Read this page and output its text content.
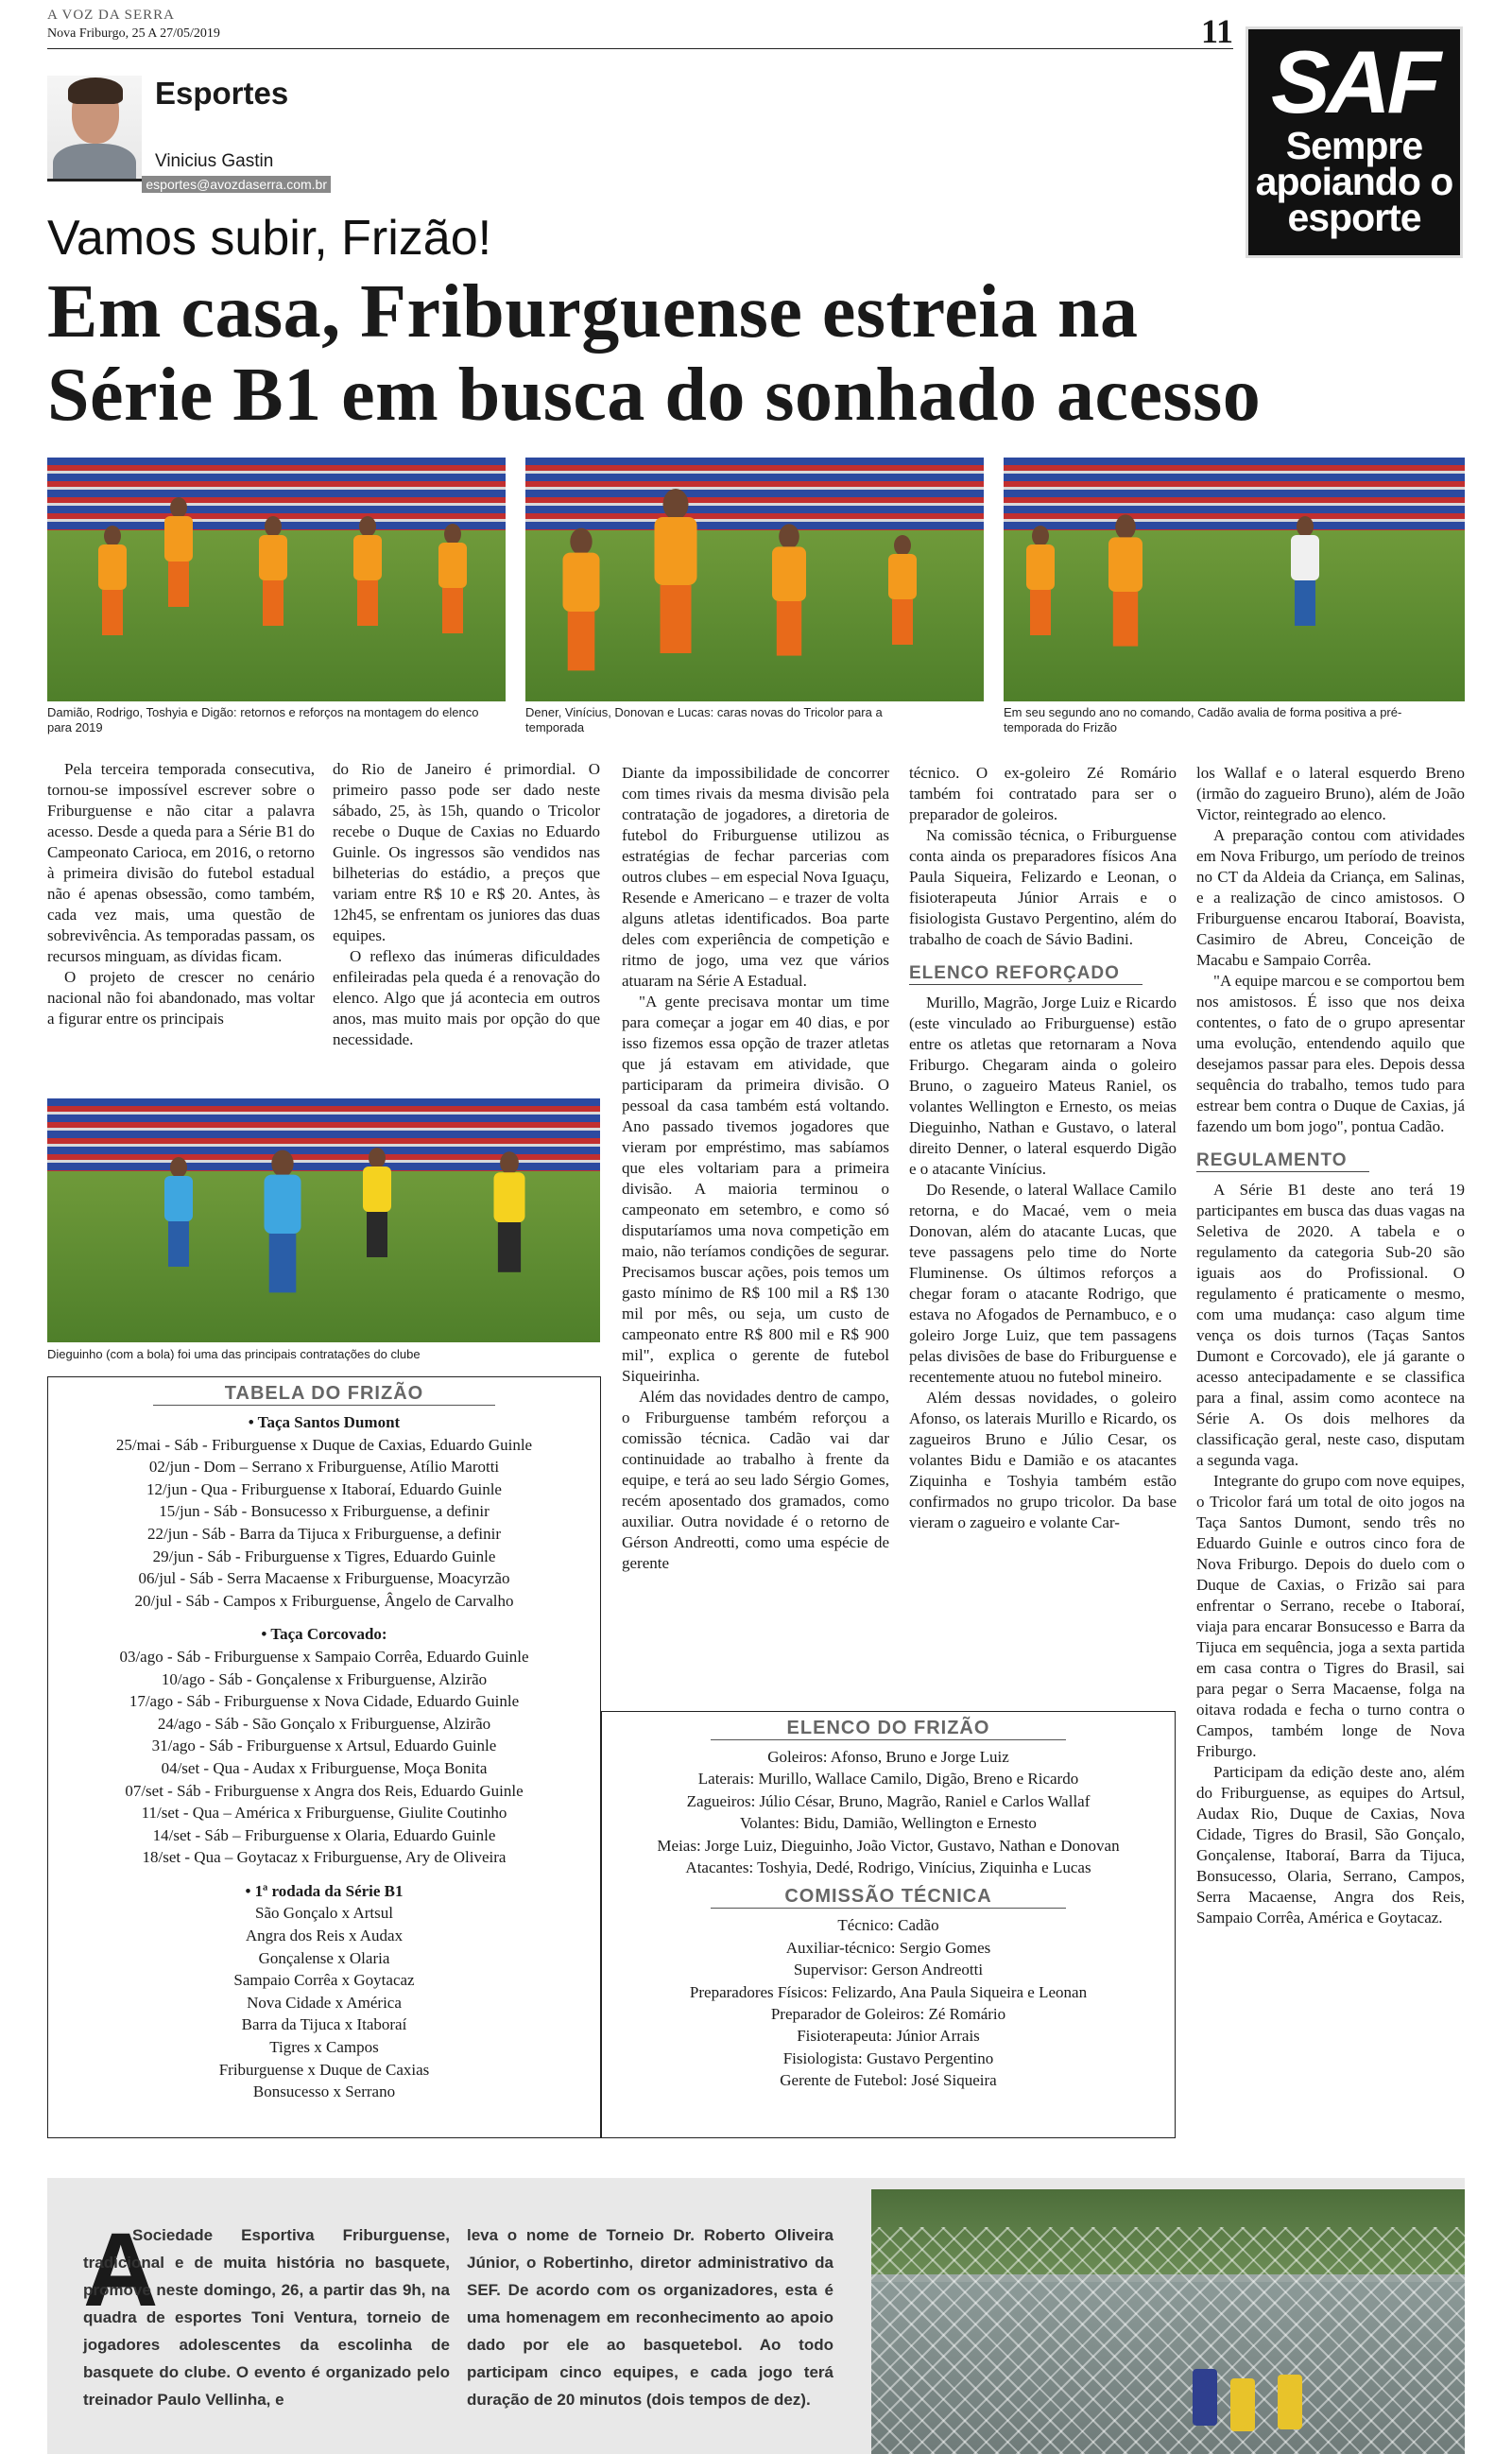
A VOZ DA SERRA
Nova Friburgo, 25 A 27/05/2019	11
SAF
Sempre
apoiando o
esporte
Esportes
Vinicius Gastin
esportes@avozdaserra.com.br
Vamos subir, Frizão!
Em casa, Friburguense estreia na
Série B1 em busca do sonhado acesso
Damião, Rodrigo, Toshyia e Digão: retornos e reforços na montagem do elenco para 2019
Dener, Vinícius, Donovan e Lucas: caras novas do Tricolor para a temporada
Em seu segundo ano no comando, Cadão avalia de forma positiva a pré-temporada do Frizão

Pela terceira temporada consecutiva, tornou-se impossível escrever sobre o Friburguense e não citar a palavra acesso. Desde a queda para a Série B1 do Campeonato Carioca, em 2016, o retorno à primeira divisão do futebol estadual não é apenas obsessão, como também, cada vez mais, uma questão de sobrevivência. As temporadas passam, os recursos minguam, as dívidas ficam.

O projeto de crescer no cenário nacional não foi abandonado, mas voltar a figurar entre os principais

do Rio de Janeiro é primordial. O primeiro passo pode ser dado neste sábado, 25, às 15h, quando o Tricolor recebe o Duque de Caxias no Eduardo Guinle. Os ingressos são vendidos nas bilheterias do estádio, a preços que variam entre R$ 10 e R$ 20. Antes, às 12h45, se enfrentam os juniores das duas equipes.

O reflexo das inúmeras dificuldades enfileiradas pela queda é a renovação do elenco. Algo que já acontecia em outros anos, mas muito mais por opção do que necessidade.

Dieguinho (com a bola) foi uma das principais contratações do clube

Diante da impossibilidade de concorrer com times rivais da mesma divisão pela contratação de jogadores, a diretoria de futebol do Friburguense utilizou as estratégias de fechar parcerias com outros clubes – em especial Nova Iguaçu, Resende e Americano – e trazer de volta alguns atletas identificados. Boa parte deles com experiência de competição e ritmo de jogo, uma vez que vários atuaram na Série A Estadual.

"A gente precisava montar um time para começar a jogar em 40 dias, e por isso fizemos essa opção de trazer atletas que já estavam em atividade, que participaram da primeira divisão. O pessoal da casa também está voltando. Ano passado tivemos jogadores que vieram por empréstimo, mas sabíamos que eles voltariam para a primeira divisão. A maioria terminou o campeonato em setembro, e como só disputaríamos uma nova competição em maio, não teríamos condições de segurar. Precisamos buscar ações, pois temos um gasto mínimo de R$ 100 mil a R$ 130 mil por mês, ou seja, um custo de campeonato entre R$ 800 mil e R$ 900 mil", explica o gerente de futebol Siqueirinha.

Além das novidades dentro de campo, o Friburguense também reforçou a comissão técnica. Cadão vai dar continuidade ao trabalho à frente da equipe, e terá ao seu lado Sérgio Gomes, recém aposentado dos gramados, como auxiliar. Outra novidade é o retorno de Gérson Andreotti, como uma espécie de gerente

técnico. O ex-goleiro Zé Romário também foi contratado para ser o preparador de goleiros.

Na comissão técnica, o Friburguense conta ainda os preparadores físicos Ana Paula Siqueira, Felizardo e Leonan, o fisioterapeuta Júnior Arrais e o fisiologista Gustavo Pergentino, além do trabalho de coach de Sávio Badini.

ELENCO REFORÇADO

Murillo, Magrão, Jorge Luiz e Ricardo (este vinculado ao Friburguense) estão entre os atletas que retornaram a Nova Friburgo. Chegaram ainda o goleiro Bruno, o zagueiro Mateus Raniel, os volantes Wellington e Ernesto, os meias Dieguinho, Nathan e Gustavo, o lateral direito Denner, o lateral esquerdo Digão e o atacante Vinícius.

Do Resende, o lateral Wallace Camilo retorna, e do Macaé, vem o meia Donovan, além do atacante Lucas, que teve passagens pelo time do Norte Fluminense. Os últimos reforços a chegar foram o atacante Rodrigo, que estava no Afogados de Pernambuco, e o goleiro Jorge Luiz, que tem passagens pelas divisões de base do Friburguense e recentemente atuou no futebol mineiro.

Além dessas novidades, o goleiro Afonso, os laterais Murillo e Ricardo, os zagueiros Bruno e Júlio Cesar, os volantes Bidu e Damião e os atacantes Ziquinha e Toshyia também estão confirmados no grupo tricolor. Da base vieram o zagueiro e volante Car-

los Wallaf e o lateral esquerdo Breno (irmão do zagueiro Bruno), além de João Victor, reintegrado ao elenco.

A preparação contou com atividades em Nova Friburgo, um período de treinos no CT da Aldeia da Criança, em Salinas, e a realização de cinco amistosos. O Friburguense encarou Itaboraí, Boavista, Casimiro de Abreu, Conceição de Macabu e Sampaio Corrêa.

"A equipe marcou e se comportou bem nos amistosos. É isso que nos deixa contentes, o fato de o grupo apresentar uma evolução, entendendo aquilo que desejamos passar para eles. Depois dessa sequência do trabalho, temos tudo para estrear bem contra o Duque de Caxias, já fazendo um bom jogo", pontua Cadão.

REGULAMENTO

A Série B1 deste ano terá 19 participantes em busca das duas vagas na Seletiva de 2020. A tabela e o regulamento da categoria Sub-20 são iguais aos do Profissional. O regulamento é praticamente o mesmo, com uma mudança: caso algum time vença os dois turnos (Taças Santos Dumont e Corcovado), ele já garante o acesso antecipadamente e se classifica para a final, assim como acontece na Série A. Os dois melhores da classificação geral, neste caso, disputam a segunda vaga.

Integrante do grupo com nove equipes, o Tricolor fará um total de oito jogos na Taça Santos Dumont, sendo três no Eduardo Guinle e outros cinco fora de Nova Friburgo. Depois do duelo com o Duque de Caxias, o Frizão sai para enfrentar o Serrano, recebe o Itaboraí, viaja para encarar Bonsucesso e Barra da Tijuca em sequência, joga a sexta partida em casa contra o Tigres do Brasil, sai para pegar o Serra Macaense, folga na oitava rodada e fecha o turno contra o Campos, também longe de Nova Friburgo.

Participam da edição deste ano, além do Friburguense, as equipes do Artsul, Audax Rio, Duque de Caxias, Nova Cidade, Tigres do Brasil, São Gonçalo, Gonçalense, Itaboraí, Barra da Tijuca, Bonsucesso, Olaria, Serrano, Campos, Serra Macaense, Angra dos Reis, Sampaio Corrêa, América e Goytacaz.

TABELA DO FRIZÃO
• Taça Santos Dumont
25/mai - Sáb - Friburguense x Duque de Caxias, Eduardo Guinle
02/jun - Dom – Serrano x Friburguense, Atílio Marotti
12/jun - Qua - Friburguense x Itaboraí, Eduardo Guinle
15/jun - Sáb - Bonsucesso x Friburguense, a definir
22/jun - Sáb - Barra da Tijuca x Friburguense, a definir
29/jun - Sáb - Friburguense x Tigres, Eduardo Guinle
06/jul - Sáb - Serra Macaense x Friburguense, Moacyrzão
20/jul - Sáb - Campos x Friburguense, Ângelo de Carvalho
• Taça Corcovado:
03/ago - Sáb - Friburguense x Sampaio Corrêa, Eduardo Guinle
10/ago - Sáb - Gonçalense x Friburguense, Alzirão
17/ago - Sáb - Friburguense x Nova Cidade, Eduardo Guinle
24/ago - Sáb - São Gonçalo x Friburguense, Alzirão
31/ago - Sáb - Friburguense x Artsul, Eduardo Guinle
04/set - Qua - Audax x Friburguense, Moça Bonita
07/set - Sáb - Friburguense x Angra dos Reis, Eduardo Guinle
11/set - Qua – América x Friburguense, Giulite Coutinho
14/set - Sáb – Friburguense x Olaria, Eduardo Guinle
18/set - Qua – Goytacaz x Friburguense, Ary de Oliveira
• 1ª rodada da Série B1
São Gonçalo x Artsul
Angra dos Reis x Audax
Gonçalense x Olaria
Sampaio Corrêa x Goytacaz
Nova Cidade x América
Barra da Tijuca x Itaboraí
Tigres x Campos
Friburguense x Duque de Caxias
Bonsucesso x Serrano
ELENCO DO FRIZÃO
Goleiros: Afonso, Bruno e Jorge Luiz
Laterais: Murillo, Wallace Camilo, Digão, Breno e Ricardo
Zagueiros: Júlio César, Bruno, Magrão, Raniel e Carlos Wallaf
Volantes: Bidu, Damião, Wellington e Ernesto
Meias: Jorge Luiz, Dieguinho, João Victor, Gustavo, Nathan e Donovan
Atacantes: Toshyia, Dedé, Rodrigo, Vinícius, Ziquinha e Lucas
COMISSÃO TÉCNICA
Técnico: Cadão
Auxiliar-técnico: Sergio Gomes
Supervisor: Gerson Andreotti
Preparadores Físicos: Felizardo, Ana Paula Siqueira e Leonan
Preparador de Goleiros: Zé Romário
Fisioterapeuta: Júnior Arrais
Fisiologista: Gustavo Pergentino
Gerente de Futebol: José Siqueira
A
Sociedade Esportiva Friburguense, tradicional e de muita história no basquete, promove neste domingo, 26, a partir das 9h, na quadra de esportes Toni Ventura, torneio de jogadores adolescentes da escolinha de basquete do clube. O evento é organizado pelo treinador Paulo Vellinha, e
leva o nome de Torneio Dr. Roberto Oliveira Júnior, o Robertinho, diretor administrativo da SEF. De acordo com os organizadores, esta é uma homenagem em reconhecimento ao apoio dado por ele ao basquetebol. Ao todo participam cinco equipes, e cada jogo terá duração de 20 minutos (dois tempos de dez).
